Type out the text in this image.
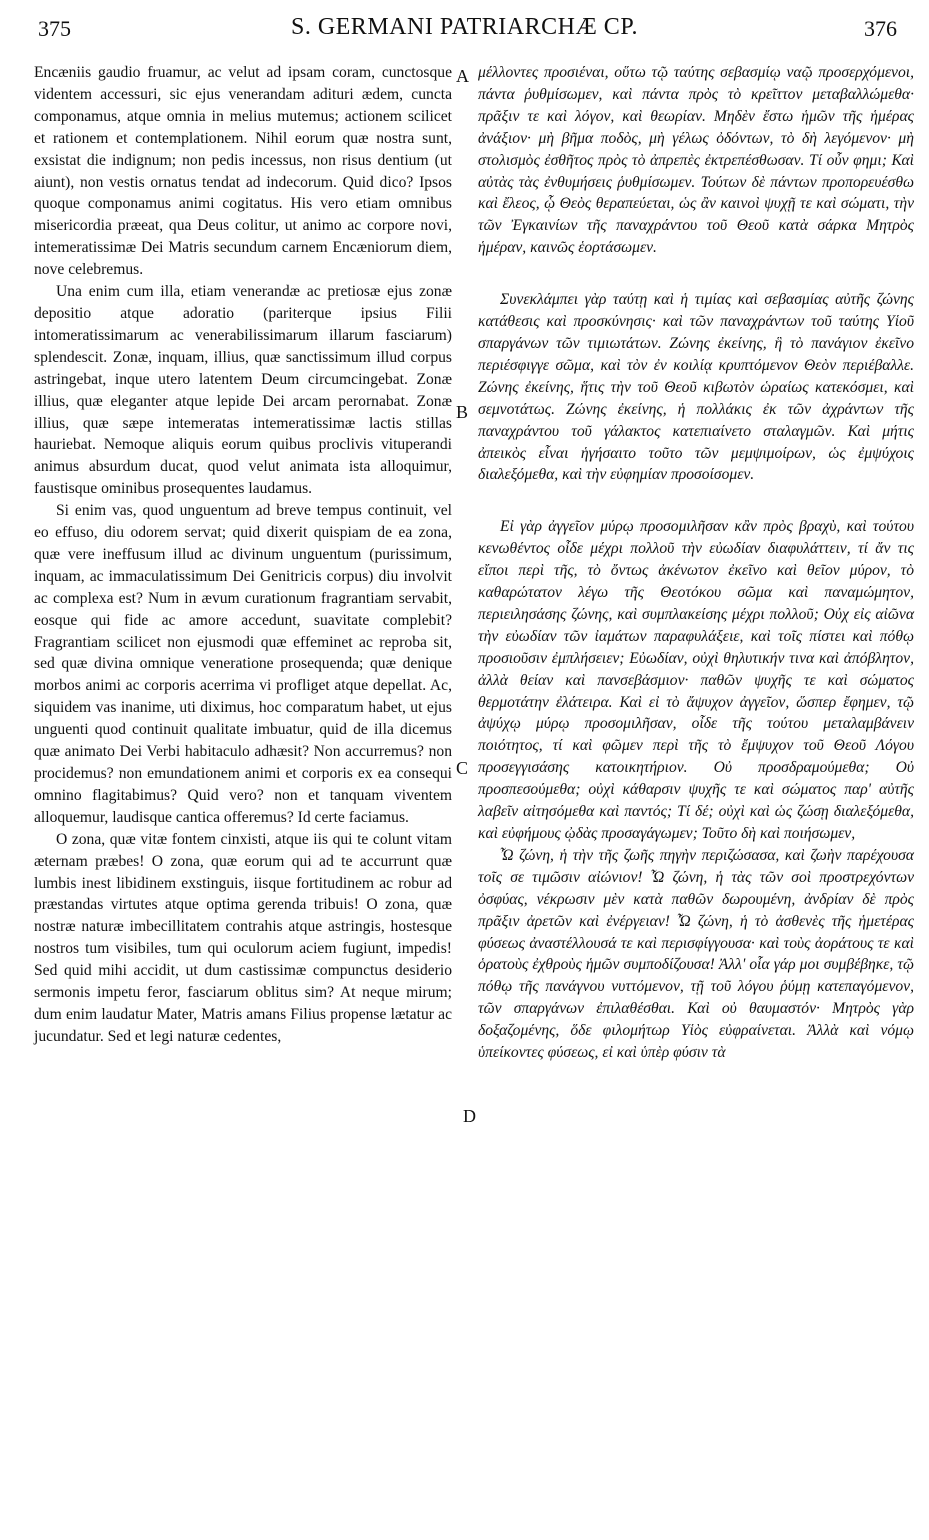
375	S. GERMANI PATRIARCHÆ CP.	376
A
B
C
D

Encæniis gaudio fruamur, ac velut ad ipsam coram, cunctosque videntem accessuri, sic ejus venerandam adituri ædem, cuncta componamus, atque omnia in melius mutemus; actionem scilicet et rationem et contemplationem. Nihil eorum quæ nostra sunt, exsistat die indignum; non pedis incessus, non risus dentium (ut aiunt), non vestis ornatus tendat ad indecorum. Quid dico? Ipsos quoque componamus animi cogitatus. His vero etiam omnibus misericordia præeat, qua Deus colitur, ut animo ac corpore novi, intemeratissimæ Dei Matris secundum carnem Encæniorum diem, nove celebremus.

Una enim cum illa, etiam venerandæ ac pretiosæ ejus zonæ depositio atque adoratio (pariterque ipsius Filii intomeratissimarum ac venerabilissimarum illarum fasciarum) splendescit. Zonæ, inquam, illius, quæ sanctissimum illud corpus astringebat, inque utero latentem Deum circumcingebat. Zonæ illius, quæ eleganter atque lepide Dei arcam perornabat. Zonæ illius, quæ sæpe intemeratas intemeratissimæ lactis stillas hauriebat. Nemoque aliquis eorum quibus proclivis vituperandi animus absurdum ducat, quod velut animata ista alloquimur, faustisque ominibus prosequentes laudamus.

Si enim vas, quod unguentum ad breve tempus continuit, vel eo effuso, diu odorem servat; quid dixerit quispiam de ea zona, quæ vere ineffusum illud ac divinum unguentum (purissimum, inquam, ac immaculatissimum Dei Genitricis corpus) diu involvit ac complexa est? Num in ævum curationum fragrantiam servabit, eosque qui fide ac amore accedunt, suavitate complebit? Fragrantiam scilicet non ejusmodi quæ effeminet ac reproba sit, sed quæ divina omnique veneratione prosequenda; quæ denique morbos animi ac corporis acerrima vi profliget atque depellat. Ac, siquidem vas inanime, uti diximus, hoc comparatum habet, ut ejus unguenti quod continuit qualitate imbuatur, quid de illa dicemus quæ animato Dei Verbi habitaculo adhæsit? Non accurremus? non procidemus? non emundationem animi et corporis ex ea consequi omnino flagitabimus? Quid vero? non et tanquam viventem alloquemur, laudisque cantica offeremus? Id certe faciamus.

O zona, quæ vitæ fontem cinxisti, atque iis qui te colunt vitam æternam præbes! O zona, quæ eorum qui ad te accurrunt quæ lumbis inest libidinem exstinguis, iisque fortitudinem ac robur ad præstandas virtutes atque optima gerenda tribuis! O zona, quæ nostræ naturæ imbecillitatem contrahis atque astringis, hostesque nostros tum visibiles, tum qui oculorum aciem fugiunt, impedis! Sed quid mihi accidit, ut dum castissimæ compunctus desiderio sermonis impetu feror, fasciarum oblitus sim? At neque mirum; dum enim laudatur Mater, Matris amans Filius propense lætatur ac jucundatur. Sed et legi naturæ cedentes,

μέλλοντες προσιέναι, οὕτω τῷ ταύτης σεβασμίῳ ναῷ προσερχόμενοι, πάντα ῥυθμίσωμεν, καὶ πάντα πρὸς τὸ κρεῖττον μεταβαλλώμεθα· πρᾶξιν τε καὶ λόγον, καὶ θεωρίαν. Μηδὲν ἔστω ἡμῶν τῆς ἡμέρας ἀνάξιον· μὴ βῆμα ποδὸς, μὴ γέλως ὀδόντων, τὸ δὴ λεγόμενον· μὴ στολισμὸς ἐσθῆτος πρὸς τὸ ἀπρεπὲς ἐκτρεπέσθωσαν. Τί οὖν φημι; Καὶ αὐτὰς τὰς ἐνθυμήσεις ῥυθμίσωμεν. Τούτων δὲ πάντων προπορευέσθω καὶ ἔλεος, ᾧ Θεὸς θεραπεύεται, ὡς ἂν καινοὶ ψυχῇ τε καὶ σώματι, τὴν τῶν Ἐγκαινίων τῆς παναχράντου τοῦ Θεοῦ κατὰ σάρκα Μητρὸς ἡμέραν, καινῶς ἑορτάσωμεν.

Συνεκλάμπει γὰρ ταύτῃ καὶ ἡ τιμίας καὶ σεβασμίας αὐτῆς ζώνης κατάθεσις καὶ προσκύνησις· καὶ τῶν παναχράντων τοῦ ταύτης Υἱοῦ σπαργάνων τῶν τιμιωτάτων. Ζώνης ἐκείνης, ἣ τὸ πανάγιον ἐκεῖνο περιέσφιγγε σῶμα, καὶ τὸν ἐν κοιλίᾳ κρυπτόμενον Θεὸν περιέβαλλε. Ζώνης ἐκείνης, ἥτις τὴν τοῦ Θεοῦ κιβωτὸν ὡραίως κατεκόσμει, καὶ σεμνοτάτως. Ζώνης ἐκείνης, ἡ πολλάκις ἐκ τῶν ἀχράντων τῆς παναχράντου τοῦ γάλακτος κατεπιαίνετο σταλαγμῶν. Καὶ μήτις ἀπεικὸς εἶναι ἡγήσαιτο τοῦτο τῶν μεμψιμοίρων, ὡς ἐμψύχοις διαλεξόμεθα, καὶ τὴν εὐφημίαν προσοίσομεν.

Εἰ γὰρ ἀγγεῖον μύρῳ προσομιλῆσαν κἂν πρὸς βραχὺ, καὶ τούτου κενωθέντος οἶδε μέχρι πολλοῦ τὴν εὐωδίαν διαφυλάττειν, τί ἄν τις εἴποι περὶ τῆς, τὸ ὄντως ἀκένωτον ἐκεῖνο καὶ θεῖον μύρον, τὸ καθαρώτατον λέγω τῆς Θεοτόκου σῶμα καὶ παναμώμητον, περιειλησάσης ζώνης, καὶ συμπλακείσης μέχρι πολλοῦ; Οὐχ εἰς αἰῶνα τὴν εὐωδίαν τῶν ἰαμάτων παραφυλάξειε, καὶ τοῖς πίστει καὶ πόθῳ προσιοῦσιν ἐμπλήσειεν; Εὐωδίαν, οὐχὶ θηλυτικήν τινα καὶ ἀπόβλητον, ἀλλὰ θείαν καὶ πανσεβάσμιον· παθῶν ψυχῆς τε καὶ σώματος θερμοτάτην ἐλάτειρα. Καὶ εἰ τὸ ἄψυχον ἀγγεῖον, ὥσπερ ἔφημεν, τῷ ἀψύχῳ μύρῳ προσομιλῆσαν, οἶδε τῆς τούτου μεταλαμβάνειν ποιότητος, τί καὶ φῶμεν περὶ τῆς τὸ ἔμψυχον τοῦ Θεοῦ Λόγου προσεγγισάσης κατοικητήριον. Οὐ προσδραμούμεθα; Οὐ προσπεσούμεθα; οὐχὶ κάθαρσιν ψυχῆς τε καὶ σώματος παρ' αὐτῆς λαβεῖν αἰτησόμεθα καὶ παντός; Τί δέ; οὐχὶ καὶ ὡς ζώσῃ διαλεξόμεθα, καὶ εὐφήμους ᾠδὰς προσαγάγωμεν; Τοῦτο δὴ καὶ ποιήσωμεν,

Ὦ ζώνη, ἡ τὴν τῆς ζωῆς πηγὴν περιζώσασα, καὶ ζωὴν παρέχουσα τοῖς σε τιμῶσιν αἰώνιον! Ὦ ζώνη, ἡ τὰς τῶν σοὶ προστρεχόντων ὀσφύας, νέκρωσιν μὲν κατὰ παθῶν δωρουμένη, ἀνδρίαν δὲ πρὸς πρᾶξιν ἀρετῶν καὶ ἐνέργειαν! Ὦ ζώνη, ἡ τὸ ἀσθενὲς τῆς ἡμετέρας φύσεως ἀναστέλλουσά τε καὶ περισφίγγουσα· καὶ τοὺς ἀοράτους τε καὶ ὁρατοὺς ἐχθροὺς ἡμῶν συμποδίζουσα! Ἀλλ' οἷα γάρ μοι συμβέβηκε, τῷ πόθῳ τῆς πανάγνου νυττόμενον, τῇ τοῦ λόγου ῥύμῃ κατεπαγόμενον, τῶν σπαργάνων ἐπιλαθέσθαι. Καὶ οὐ θαυμαστόν· Μητρὸς γὰρ δοξαζομένης, ὅδε φιλομήτωρ Υἱὸς εὐφραίνεται. Ἀλλὰ καὶ νόμῳ ὑπείκοντες φύσεως, εἰ καὶ ὑπὲρ φύσιν τὰ
